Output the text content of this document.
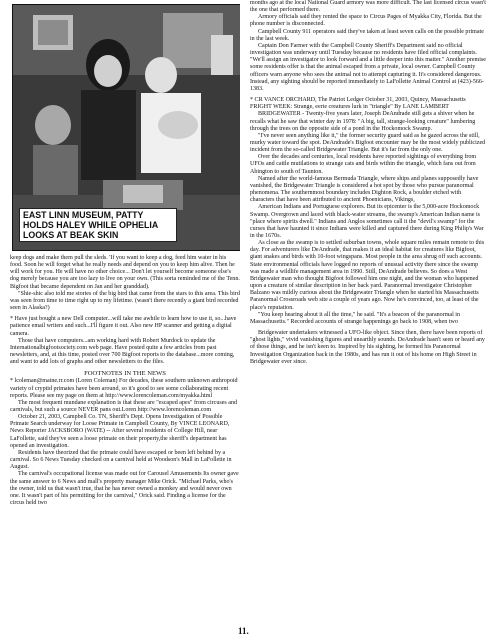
EAST LINN MUSEUM, PATTY
HOLDS HALEY WHILE OPHELIA
LOOKS AT BEAK SKIN

keep dogs and make them pull the sleds. 'If you want to keep a dog, feed him water in his food. Soon he will forget what he really needs and depend on you to keep him alive. Then he will work for you. He will have no other choice... Don't let yourself become someone else's dog merely because you are too lazy to live on your own. (This sorta reminded me of the Tenn. Bigfoot that became dependent on Jan and her granddad).

"Shie-shic also told me stories of the big bird that came from the stars to this area. This bird was seen from time to time right up to my lifetime. (wasn't there recently a giant bird recorded seen in Alaska?)

* Have just bought a new Dell computer...will take me awhile to learn how to use it, so...have patience email writers and such...I'll figure it out. Also new HP scanner and getting a digital camera.

Those that have computers...am working hard with Robert Murdock to update the Internationalbigfootsociety.com web page. Have posted quite a few articles from past newsletters, and, at this time, posted over 700 Bigfoot reports to the database...more coming, and want to add lots of graphs and other newsletters to the files.

FOOTNOTES IN THE NEWS

* lcoleman@maine.rr.com (Loren Coleman) For decades, these southern unknown anthropoid variety of cryptid primates have been around, so it's good to see some collaborating recent reports. Please see my page on them at http://www.lorencoleman.com/myakka.html

The most frequent mundane explanation is that these are "escaped apes" from circuses and carnivals, but such a source NEVER pans out.Loren http://www.lorencoleman.com

October 21, 2003, Campbell Co. TN, Sheriff's Dept. Opens Investigation of Possible Primate Search underway for Loose Primate in Campbell County, By VINCE LEONARD, News Reporter JACKSBORO (WATE) -- After several residents of College Hill, near LaFollette, said they've seen a loose primate on their property,the sheriff's department has opened an investigation.

Residents have theorized that the primate could have escaped or been left behind by a carnival. So 6 News Tuesday checked on a carnival held at Woodson's Mall in LaFollette in August.

The carnival's occupational license was made out for Carousel Amusements Its owner gave the same answer to 6 News and mall's property manager Mike Orick. "Michael Parks, who's the owner, told us that wasn't true, that he has never owned a monkey and would never own one. It wasn't part of his permitting for the carnival," Orick said. Finding a license for the circus held two

months ago at the local National Guard armory was more difficult. The last licensed circus wasn't the one that performed there.

Armory officials said they rented the space to Circus Pages of Myakka City, Florida. But the phone number is disconnected.

Campbell County 911 operators said they've taken at least seven calls on the possible primate in the last week.

Captain Don Farmer with the Campbell County Sheriff's Department said no official investigation was underway until Tuesday because no residents have filed official complaints. "We'll assign an investigator to look forward and a little deeper into this matter." Another premise some residents offer is that the animal escaped from a private, local owner. Campbell County officers warn anyone who sees the animal not to attempt capturing it. It's considered dangerous. Instead, any sighting should be reported immediately to LaFollette Animal Control at (423)-566-1383.

* CR VANCE ORCHARD, The Patriot Ledger October 31, 2003, Quincy, Massachusetts FRIGHT WEEK: Strange, eerie creatures lurk in "triangle" By LANE LAMBERT

BRIDGEWATER - Twenty-five years later, Joseph DeAndrade still gets a shiver when he recalls what he saw that winter day in 1978: "A big, tall, strange-looking creature" lumbering through the trees on the opposite side of a pond in the Hockomock Swamp.

"I've never seen anything like it," the former security guard said as he gazed across the still, murky water toward the spot. DeAndrade's Bigfoot encounter may be the most widely publicized incident from the so-called Bridgewater Triangle. But it's far from the only one.

Over the decades and centuries, local residents have reported sightings of everything from UFOs and cattle mutilations to strange cats and birds within the triangle, which fans out from Abington to south of Taunton.

Named after the world-famous Bermuda Triangle, where ships and planes supposedly have vanished, the Bridgewater Triangle is considered a hot spot by those who pursue paranormal phenomena. The southernmost boundary includes Dighton Rock, a boulder etched with characters that have been attributed to ancient Phoenicians, Vikings,

American Indians and Portuguese explorers. But its epicenter is the 5,000-acre Hockomock Swamp. Overgrown and laced with black-water streams, the swamp's American Indian name is "place where spirits dwell." Indians and Anglos sometimes call it the "devil's swamp" for the curses that have haunted it since Indians were killed and captured there during King Philip's War in the 1670s.

As close as the swamp is to settled suburban towns, whole square miles remain remote to this day. For adventurers like DeAndrade, that makes it an ideal habitat for creatures like Bigfoot, giant snakes and birds with 10-foot wingspans. Most people in the area shrug off such accounts. State environmental officials have logged no reports of unusual activity there since the swamp was made a wildlife management area in 1990. Still, DeAndrade believes. So does a West Bridgewater man who thought Bigfoot followed him one night, and the woman who happened upon a creature of similar description in her back yard. Paranormal investigator Christopher Balzano was mildly curious about the Bridgewater Triangle when he started his Massachusetts Paranormal Crossroads web site a couple of years ago. Now he's convinced, too, at least of the place's reputation.

"You keep hearing about it all the time," he said. "It's a beacon of the paranormal in Massachusetts." Recorded accounts of strange happenings go back to 1908, when two

Bridgewater undertakers witnessed a UFO-like object. Since then, there have been reports of "ghost lights," vivid vanishing figures and unearthly sounds. DeAndrade hasn't seen or heard any of those things, and he isn't keen to. Inspired by his sighting, he formed his Paranormal Investigation Organization back in the 1980s, and has run it out of his home on High Street in Bridgewater ever since.

11.
